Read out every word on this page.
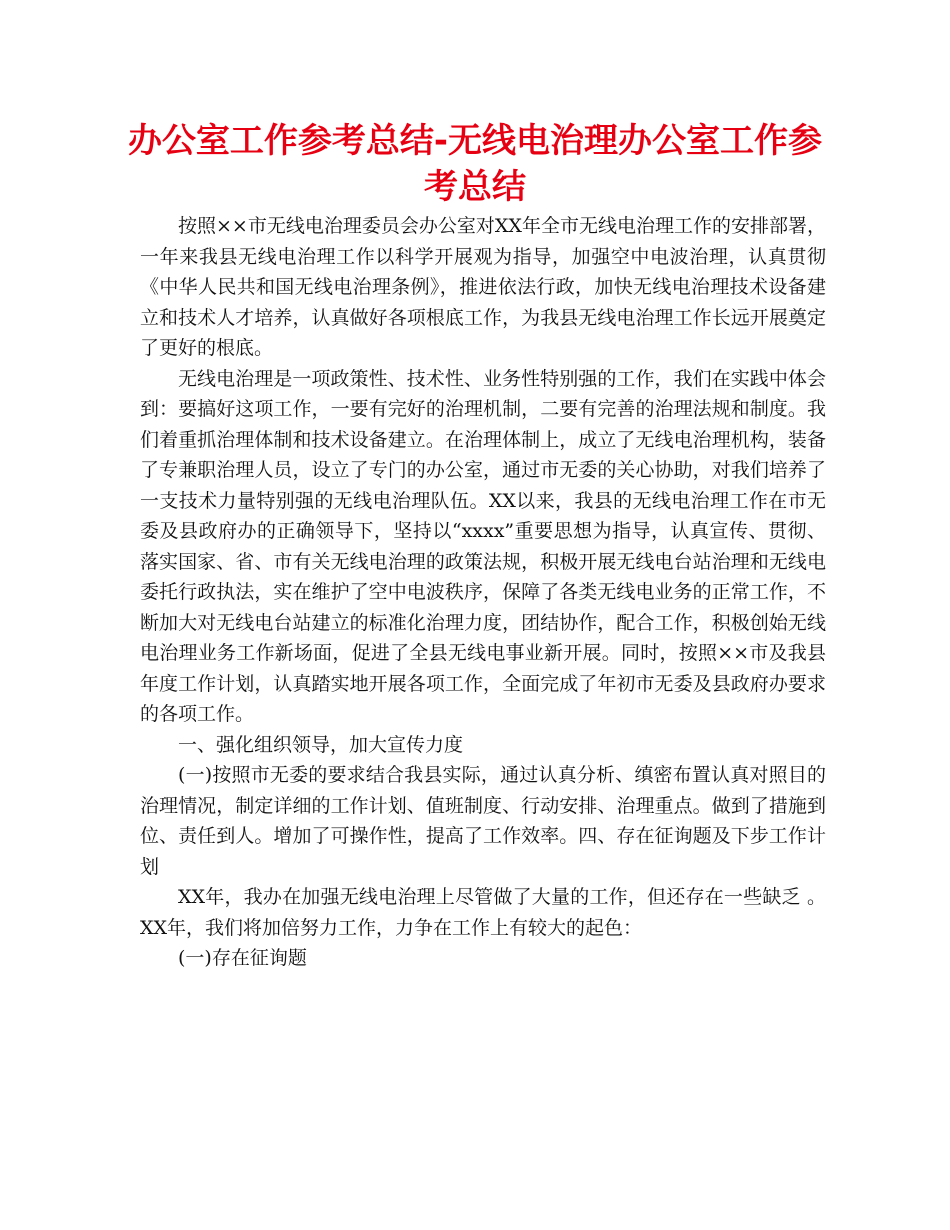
办公室工作参考总结-无线电治理办公室工作参考总结

按照××市无线电治理委员会办公室对XX年全市无线电治理工作的安排部署，一年来我县无线电治理工作以科学开展观为指导，加强空中电波治理，认真贯彻《中华人民共和国无线电治理条例》，推进依法行政，加快无线电治理技术设备建立和技术人才培养，认真做好各项根底工作，为我县无线电治理工作长远开展奠定了更好的根底。

无线电治理是一项政策性、技术性、业务性特别强的工作，我们在实践中体会到：要搞好这项工作，一要有完好的治理机制，二要有完善的治理法规和制度。我们着重抓治理体制和技术设备建立。在治理体制上，成立了无线电治理机构，装备了专兼职治理人员，设立了专门的办公室，通过市无委的关心协助，对我们培养了一支技术力量特别强的无线电治理队伍。XX以来，我县的无线电治理工作在市无委及县政府办的正确领导下，坚持以“xxxx”重要思想为指导，认真宣传、贯彻、落实国家、省、市有关无线电治理的政策法规，积极开展无线电台站治理和无线电委托行政执法，实在维护了空中电波秩序，保障了各类无线电业务的正常工作，不断加大对无线电台站建立的标准化治理力度，团结协作，配合工作，积极创始无线电治理业务工作新场面，促进了全县无线电事业新开展。同时，按照××市及我县年度工作计划，认真踏实地开展各项工作，全面完成了年初市无委及县政府办要求的各项工作。

一、强化组织领导，加大宣传力度

(一)按照市无委的要求结合我县实际，通过认真分析、缜密布置认真对照目的治理情况，制定详细的工作计划、值班制度、行动安排、治理重点。做到了措施到位、责任到人。增加了可操作性，提高了工作效率。四、存在征询题及下步工作计划

XX年，我办在加强无线电治理上尽管做了大量的工作，但还存在一些缺乏 。XX年，我们将加倍努力工作，力争在工作上有较大的起色：

(一)存在征询题
